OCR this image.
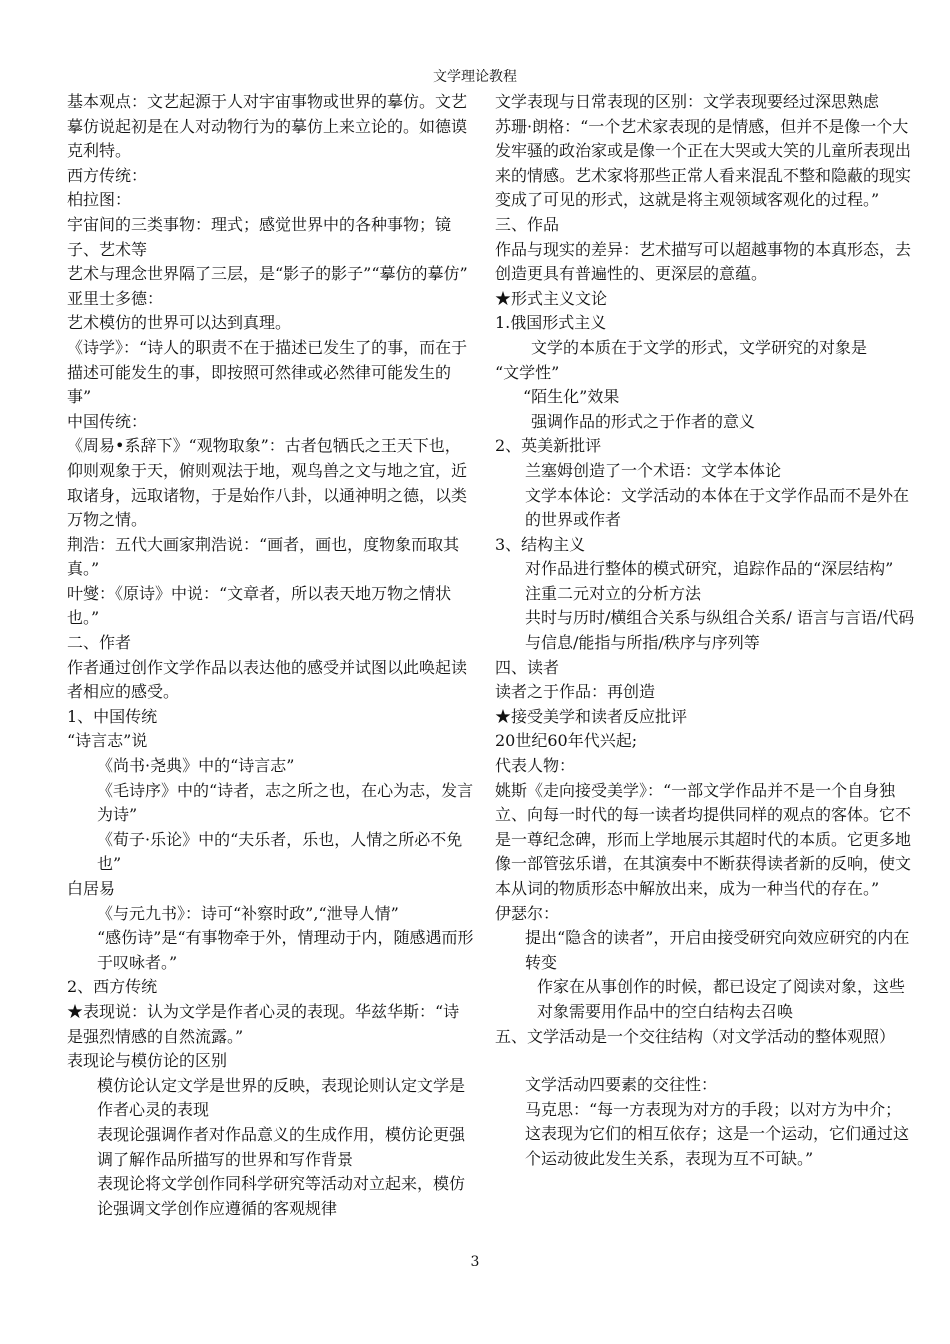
文学理论教程
基本观点：文艺起源于人对宇宙事物或世界的摹仿。文艺摹仿说起初是在人对动物行为的摹仿上来立论的。如德谟克利特。
西方传统：
柏拉图：
宇宙间的三类事物：理式；感觉世界中的各种事物；镜子、艺术等
艺术与理念世界隔了三层，是“影子的影子”“摹仿的摹仿”
亚里士多德：
艺术模仿的世界可以达到真理。
《诗学》：“诗人的职责不在于描述已发生了的事，而在于描述可能发生的事，即按照可然律或必然律可能发生的事”
中国传统：
《周易•系辞下》“观物取象”：古者包牺氏之王天下也，仰则观象于天，俯则观法于地，观鸟兽之文与地之宜，近取诸身，远取诸物，于是始作八卦，以通神明之德，以类万物之情。
荆浩：五代大画家荆浩说：“画者，画也，度物象而取其真。”
叶燮：《原诗》中说：“文章者，所以表天地万物之情状也。”
二、作者
作者通过创作文学作品以表达他的感受并试图以此唤起读者相应的感受。
1、中国传统
“诗言志”说
《尚书·尧典》中的“诗言志”
《毛诗序》中的“诗者，志之所之也，在心为志，发言为诗”
《荀子·乐论》中的“夫乐者，乐也，人情之所必不免也”
白居易
《与元九书》：诗可“补察时政”,“泄导人情”
“感伤诗”是“有事物牵于外，情理动于内，随感遇而形于叹咏者。”
2、西方传统
★表现说：认为文学是作者心灵的表现。华兹华斯：“诗是强烈情感的自然流露。”
表现论与模仿论的区别
模仿论认定文学是世界的反映，表现论则认定文学是作者心灵的表现
表现论强调作者对作品意义的生成作用，模仿论更强调了解作品所描写的世界和写作背景
表现论将文学创作同科学研究等活动对立起来，模仿论强调文学创作应遵循的客观规律
文学表现与日常表现的区别：文学表现要经过深思熟虑
苏珊·朗格：“一个艺术家表现的是情感，但并不是像一个大发牢骚的政治家或是像一个正在大哭或大笑的儿童所表现出来的情感。艺术家将那些正常人看来混乱不整和隐蔽的现实变成了可见的形式，这就是将主观领域客观化的过程。”
三、作品
作品与现实的差异：艺术描写可以超越事物的本真形态，去创造更具有普遍性的、更深层的意蕴。
★形式主义文论
1.俄国形式主义
文学的本质在于文学的形式，文学研究的对象是
“文学性”
“陌生化”效果
强调作品的形式之于作者的意义
2、英美新批评
兰塞姆创造了一个术语：文学本体论
文学本体论：文学活动的本体在于文学作品而不是外在的世界或作者
3、结构主义
对作品进行整体的模式研究，追踪作品的“深层结构”
注重二元对立的分析方法
共时与历时/横组合关系与纵组合关系/ 语言与言语/代码与信息/能指与所指/秩序与序列等
四、读者
读者之于作品：再创造
★接受美学和读者反应批评
20世纪60年代兴起;
代表人物：
姚斯《走向接受美学》：“一部文学作品并不是一个自身独立、向每一时代的每一读者均提供同样的观点的客体。它不是一尊纪念碑，形而上学地展示其超时代的本质。它更多地像一部管弦乐谱，在其演奏中不断获得读者新的反响，使文本从词的物质形态中解放出来，成为一种当代的存在。”
伊瑟尔：
提出“隐含的读者”，开启由接受研究向效应研究的内在转变
作家在从事创作的时候，都已设定了阅读对象，这些对象需要用作品中的空白结构去召唤
五、文学活动是一个交往结构（对文学活动的整体观照）
文学活动四要素的交往性：
马克思：“每一方表现为对方的手段；以对方为中介；这表现为它们的相互依存；这是一个运动，它们通过这个运动彼此发生关系，表现为互不可缺。”
3
